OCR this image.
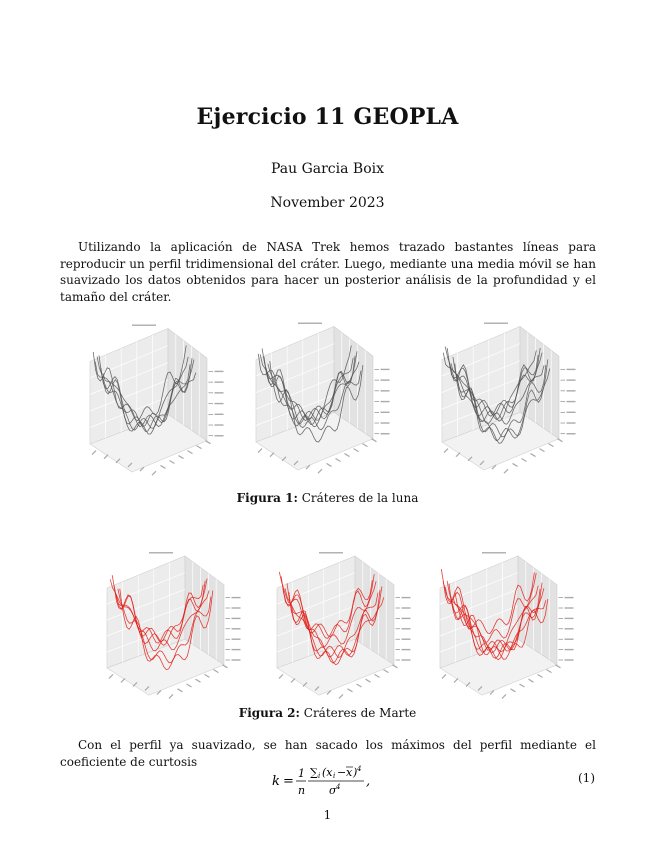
Ejercicio 11 GEOPLA
Pau Garcia Boix
November 2023
Utilizando la aplicación de NASA Trek hemos trazado bastantes líneas para reproducir un perfil tridimensional del cráter. Luego, mediante una media móvil se han suavizado los datos obtenidos para hacer un posterior análisis de la profundidad y el tamaño del cráter.
Figura 1: Cráteres de la luna
Figura 2: Cráteres de Marte
Con el perfil ya suavizado, se han sacado los máximos del perfil mediante el coeficiente de curtosis
k =
1
n
∑ i (x i − x ) 4
σ 4 ,	(1)
1
